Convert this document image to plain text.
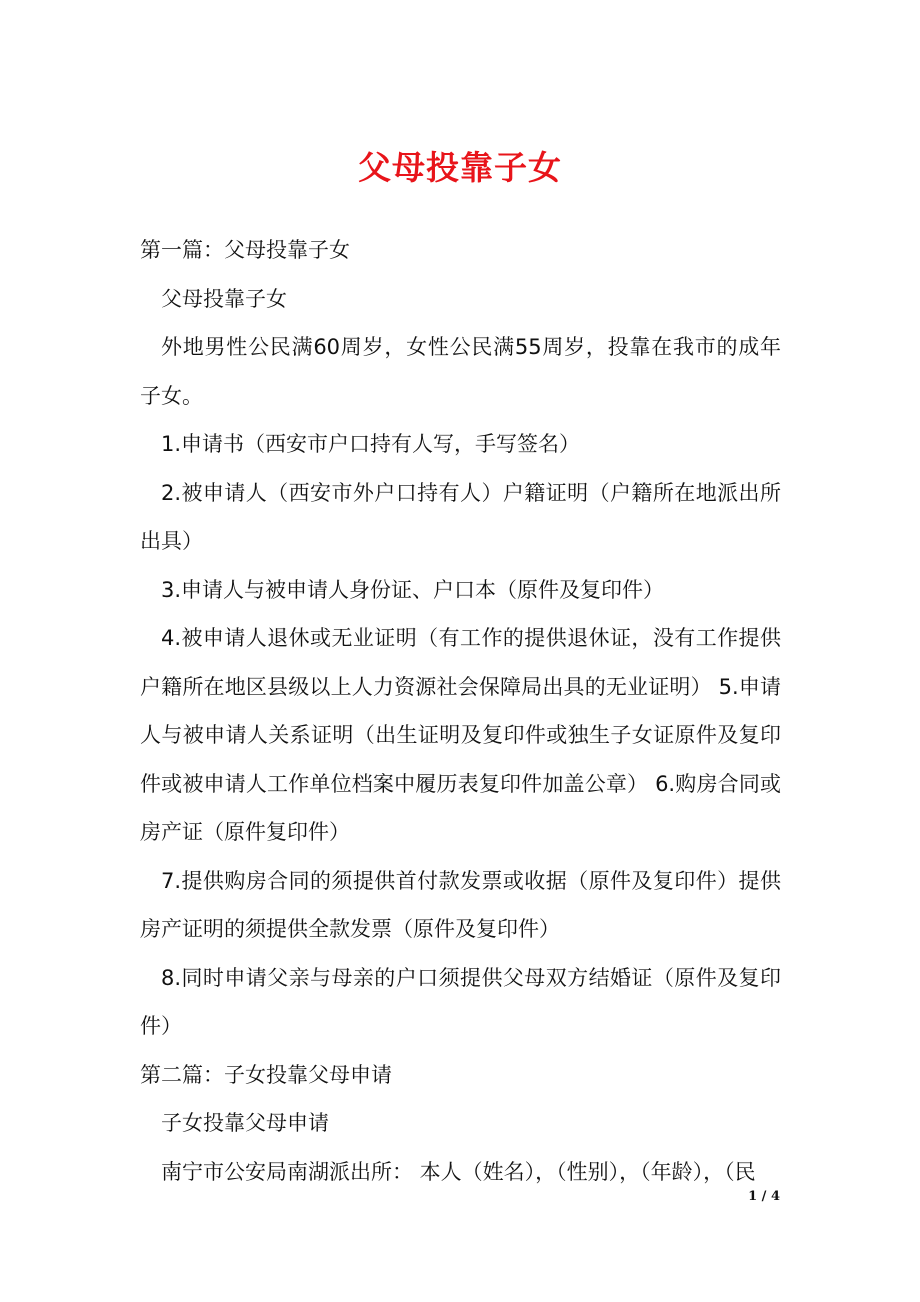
父母投靠子女

第一篇：父母投靠子女

父母投靠子女

外地男性公民满60周岁，女性公民满55周岁，投靠在我市的成年子女。

1.申请书（西安市户口持有人写，手写签名）

2.被申请人（西安市外户口持有人）户籍证明（户籍所在地派出所出具）

3.申请人与被申请人身份证、户口本（原件及复印件）

4.被申请人退休或无业证明（有工作的提供退休证，没有工作提供户籍所在地区县级以上人力资源社会保障局出具的无业证明） 5.申请人与被申请人关系证明（出生证明及复印件或独生子女证原件及复印件或被申请人工作单位档案中履历表复印件加盖公章） 6.购房合同或房产证（原件复印件）

7.提供购房合同的须提供首付款发票或收据（原件及复印件）提供房产证明的须提供全款发票（原件及复印件）

8.同时申请父亲与母亲的户口须提供父母双方结婚证（原件及复印件）

第二篇：子女投靠父母申请

子女投靠父母申请

南宁市公安局南湖派出所： 本人（姓名），（性别），（年龄），（民

1 / 4
